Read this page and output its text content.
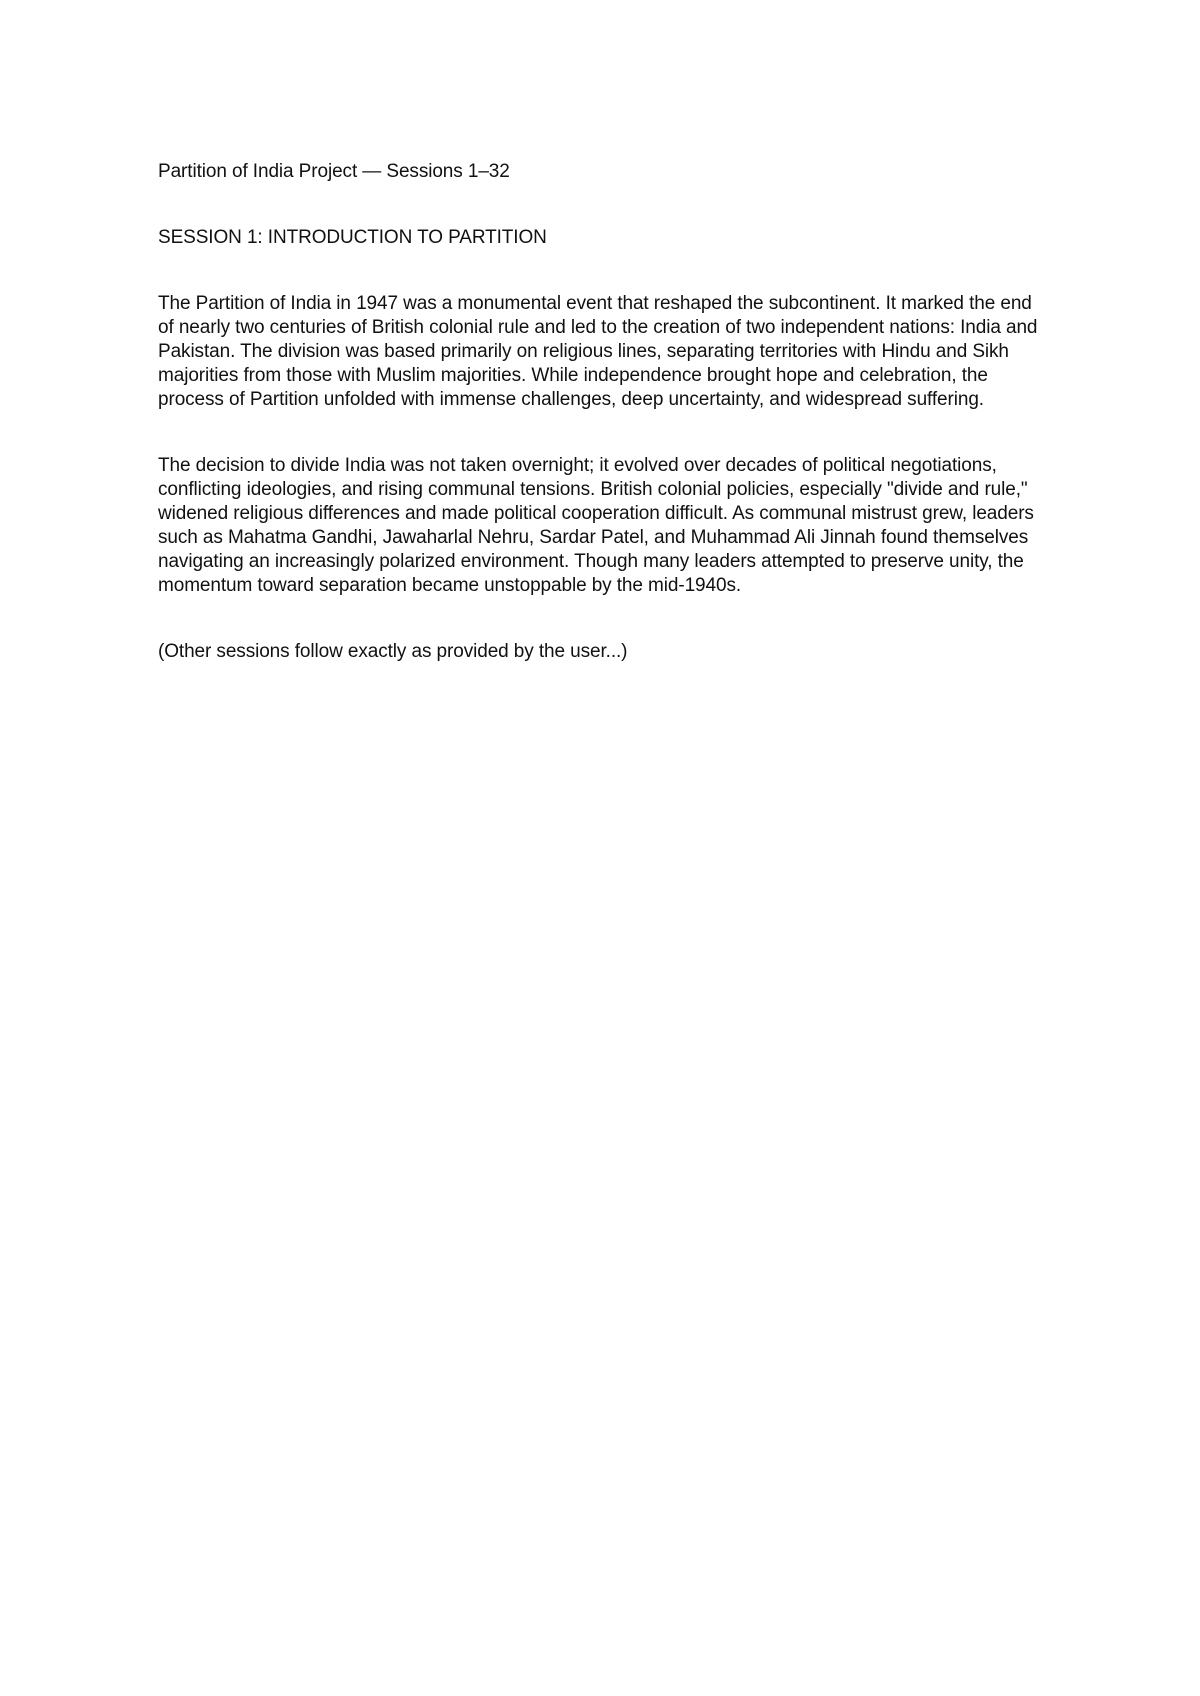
Partition of India Project — Sessions 1–32
SESSION 1: INTRODUCTION TO PARTITION

The Partition of India in 1947 was a monumental event that reshaped the subcontinent. It marked the end of nearly two centuries of British colonial rule and led to the creation of two independent nations: India and Pakistan. The division was based primarily on religious lines, separating territories with Hindu and Sikh majorities from those with Muslim majorities. While independence brought hope and celebration, the process of Partition unfolded with immense challenges, deep uncertainty, and widespread suffering.

The decision to divide India was not taken overnight; it evolved over decades of political negotiations, conflicting ideologies, and rising communal tensions. British colonial policies, especially "divide and rule," widened religious differences and made political cooperation difficult. As communal mistrust grew, leaders such as Mahatma Gandhi, Jawaharlal Nehru, Sardar Patel, and Muhammad Ali Jinnah found themselves navigating an increasingly polarized environment. Though many leaders attempted to preserve unity, the momentum toward separation became unstoppable by the mid-1940s.

(Other sessions follow exactly as provided by the user...)
